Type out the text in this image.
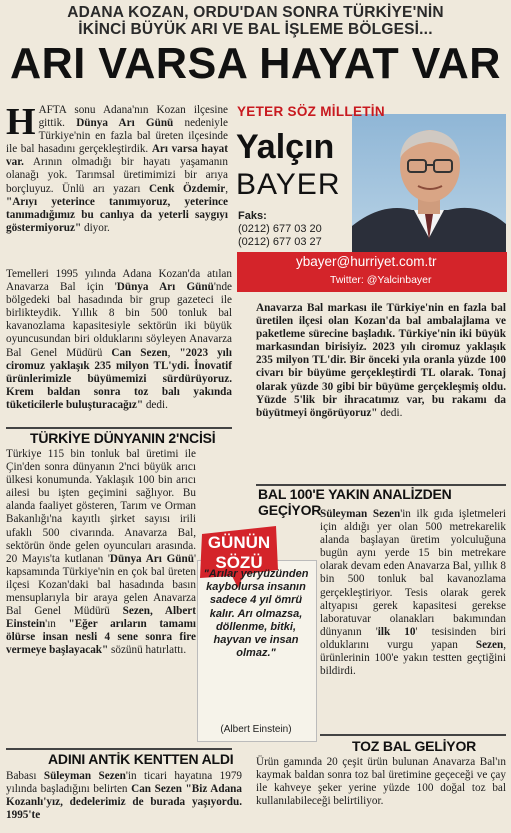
ADANA KOZAN, ORDU'DAN SONRA TÜRKİYE'NİN
İKİNCİ BÜYÜK ARI VE BAL İŞLEME BÖLGESİ...
ARI VARSA HAYAT VAR
H AFTA sonu Adana'nın Kozan ilçesine gittik. Dünya Arı Günü nedeniyle Türkiye'nin en fazla bal üreten ilçesinde ile bal hasadını gerçekleştirdik. Arı varsa hayat var. Arının olmadığı bir hayatı yaşamanın olanağı yok. Tarımsal üretimimizi bir arıya borçluyuz. Ünlü arı yazarı Cenk Özdemir, "Arıyı yeterince tanımıyoruz, yeterince tanımadığımız bu canlıya da yeterli saygıyı göstermiyoruz" diyor.
YETER SÖZ MİLLETİN
Yalçın
BAYER
Faks:
(0212) 677 03 20
(0212) 677 03 27
ybayer@hurriyet.com.tr
Twitter: @Yalcinbayer
Temelleri 1995 yılında Adana Kozan'da atılan Anavarza Bal için 'Dünya Arı Günü'nde bölgedeki bal hasadında bir grup gazeteci ile birlikteydik. Yıllık 8 bin 500 tonluk bal kavanozlama kapasitesiyle sektörün iki büyük oyuncusundan biri olduklarını söyleyen Anavarza Bal Genel Müdürü Can Sezen, "2023 yılı ciromuz yaklaşık 235 milyon TL'ydi. İnovatif ürünlerimizle büyümemizi sürdürüyoruz. Krem baldan sonra toz balı yakında tüketicilerle buluşturacağız" dedi.
TÜRKİYE DÜNYANIN 2'NCİSİ
Türkiye 115 bin tonluk bal üretimi ile Çin'den sonra dünyanın 2'nci büyük arıcı ülkesi konumunda. Yaklaşık 100 bin arıcı ailesi bu işten geçimini sağlıyor. Bu alanda faaliyet gösteren, Tarım ve Orman Bakanlığı'na kayıtlı şirket sayısı irili ufaklı 500 civarında. Anavarza Bal, sektörün önde gelen oyuncuları arasında. 20 Mayıs'ta kutlanan 'Dünya Arı Günü' kapsamında Türkiye'nin en çok bal üreten ilçesi Kozan'daki bal hasadında basın mensuplarıyla bir araya gelen Anavarza Bal Genel Müdürü Sezen, Albert Einstein'ın "Eğer arıların tamamı ölürse insan nesli 4 sene sonra fire vermeye başlayacak" sözünü hatırlattı.
ADINI ANTİK KENTTEN ALDI
Babası Süleyman Sezen'in ticari hayatına 1979 yılında başladığını belirten Can Sezen "Biz Adana Kozanlı'yız, dedelerimiz de burada yaşıyordu. 1995'te
Anavarza Bal markası ile Türkiye'nin en fazla bal üretilen ilçesi olan Kozan'da bal ambalajlama ve paketleme sürecine başladık. Türkiye'nin iki büyük markasından birisiyiz. 2023 yılı ciromuz yaklaşık 235 milyon TL'dir. Bir önceki yıla oranla yüzde 100 civarı bir büyüme gerçekleştirdi TL olarak. Tonaj olarak yüzde 30 gibi bir büyüme gerçekleşmiş oldu. Yüzde 5'lik bir ihracatımız var, bu rakamı da büyütmeyi öngörüyoruz" dedi.
BAL 100'E YAKIN ANALİZDEN GEÇİYOR
Süleyman Sezen'in ilk gıda işletmeleri için aldığı yer olan 500 metrekarelik alanda başlayan üretim yolculuğuna bugün aynı yerde 15 bin metrekare olarak devam eden Anavarza Bal, yıllık 8 bin 500 tonluk bal kavanozlama gerçekleştiriyor. Tesis olarak gerek altyapısı gerek kapasitesi gerekse laboratuvar olanakları bakımından dünyanın 'ilk 10' tesisinden biri olduklarını vurgu yapan Sezen, ürünlerinin 100'e yakın testten geçtiğini bildirdi.
TOZ BAL GELİYOR
Ürün gamında 20 çeşit ürün bulunan Anavarza Bal'ın kaymak baldan sonra toz bal üretimine geçeceği ve çay ile kahveye şeker yerine yüzde 100 doğal toz bal kullanılabileceği belirtiliyor.
GÜNÜN
SÖZÜ
"Arılar yeryüzünden kaybolursa insanın sadece 4 yıl ömrü kalır. Arı olmazsa, döllenme, bitki, hayvan ve insan olmaz."
(Albert Einstein)
